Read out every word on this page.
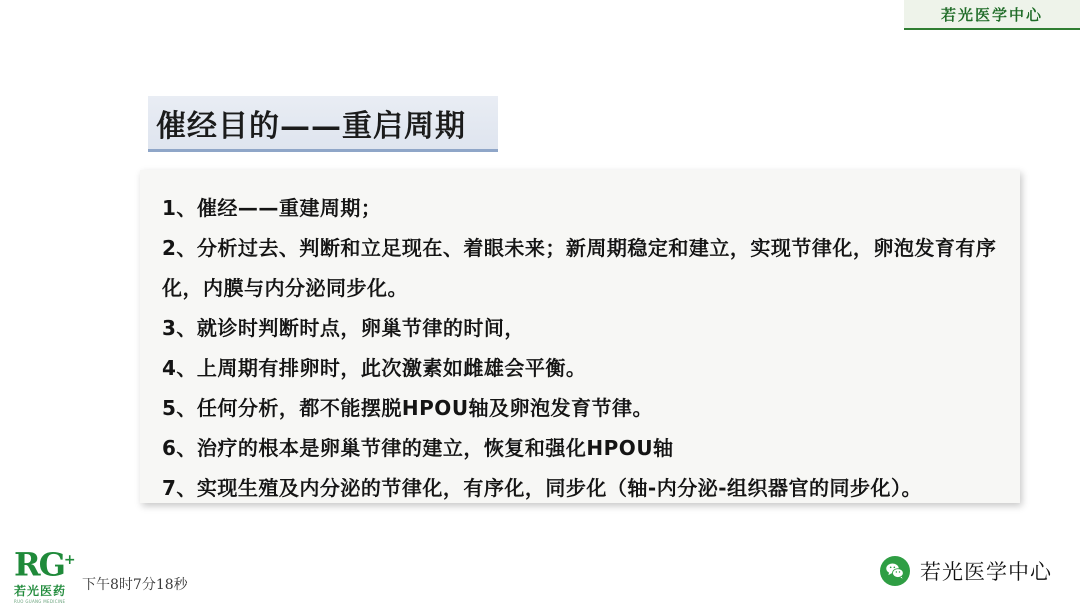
若光医学中心
催经目的——重启周期
1、催经——重建周期；
2、分析过去、判断和立足现在、着眼未来；新周期稳定和建立，实现节律化，卵泡发育有序化，内膜与内分泌同步化。
3、就诊时判断时点，卵巢节律的时间，
4、上周期有排卵时，此次激素如雌雄会平衡。
5、任何分析，都不能摆脱HPOU轴及卵泡发育节律。
6、治疗的根本是卵巢节律的建立，恢复和强化HPOU轴
7、实现生殖及内分泌的节律化，有序化，同步化（轴-内分泌-组织器官的同步化）。
RG+
若光医药
RUO GUANG MEDICINE
下午8时7分18秒
若光医学中心
